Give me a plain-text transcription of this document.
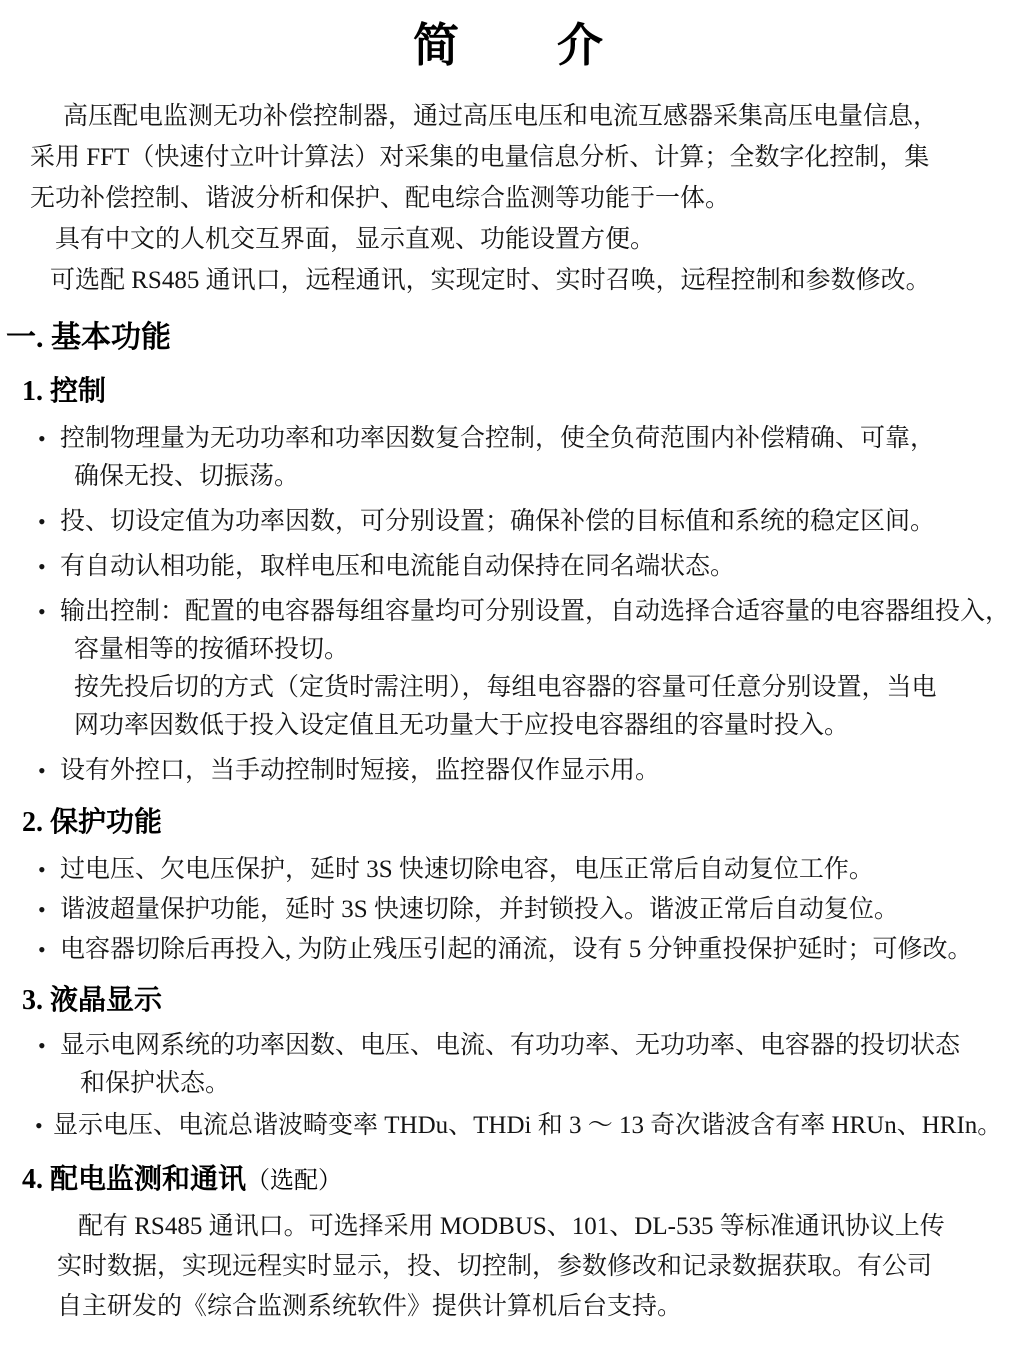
简　　介
高压配电监测无功补偿控制器，通过高压电压和电流互感器采集高压电量信息，
采用 FFT（快速付立叶计算法）对采集的电量信息分析、计算；全数字化控制，集
无功补偿控制、谐波分析和保护、配电综合监测等功能于一体。
具有中文的人机交互界面，显示直观、功能设置方便。
可选配 RS485 通讯口，远程通讯，实现定时、实时召唤，远程控制和参数修改。
一. 基本功能
1. 控制
• 控制物理量为无功功率和功率因数复合控制，使全负荷范围内补偿精确、可靠，
确保无投、切振荡。
• 投、切设定值为功率因数，可分别设置；确保补偿的目标值和系统的稳定区间。
• 有自动认相功能，取样电压和电流能自动保持在同名端状态。
• 输出控制：配置的电容器每组容量均可分别设置，自动选择合适容量的电容器组投入，
容量相等的按循环投切。
按先投后切的方式（定货时需注明），每组电容器的容量可任意分别设置，当电
网功率因数低于投入设定值且无功量大于应投电容器组的容量时投入。
• 设有外控口，当手动控制时短接，监控器仅作显示用。
2. 保护功能
• 过电压、欠电压保护，延时 3S 快速切除电容，电压正常后自动复位工作。
• 谐波超量保护功能，延时 3S 快速切除，并封锁投入。谐波正常后自动复位。
• 电容器切除后再投入, 为防止残压引起的涌流，设有 5 分钟重投保护延时；可修改。
3. 液晶显示
• 显示电网系统的功率因数、电压、电流、有功功率、无功功率、电容器的投切状态
和保护状态。
• 显示电压、电流总谐波畸变率 THDu、THDi 和 3 ～ 13 奇次谐波含有率 HRUn、HRIn。
4. 配电监测和通讯（选配）
配有 RS485 通讯口。可选择采用 MODBUS、101、DL-535 等标准通讯协议上传
实时数据，实现远程实时显示，投、切控制，参数修改和记录数据获取。有公司
自主研发的《综合监测系统软件》提供计算机后台支持。
